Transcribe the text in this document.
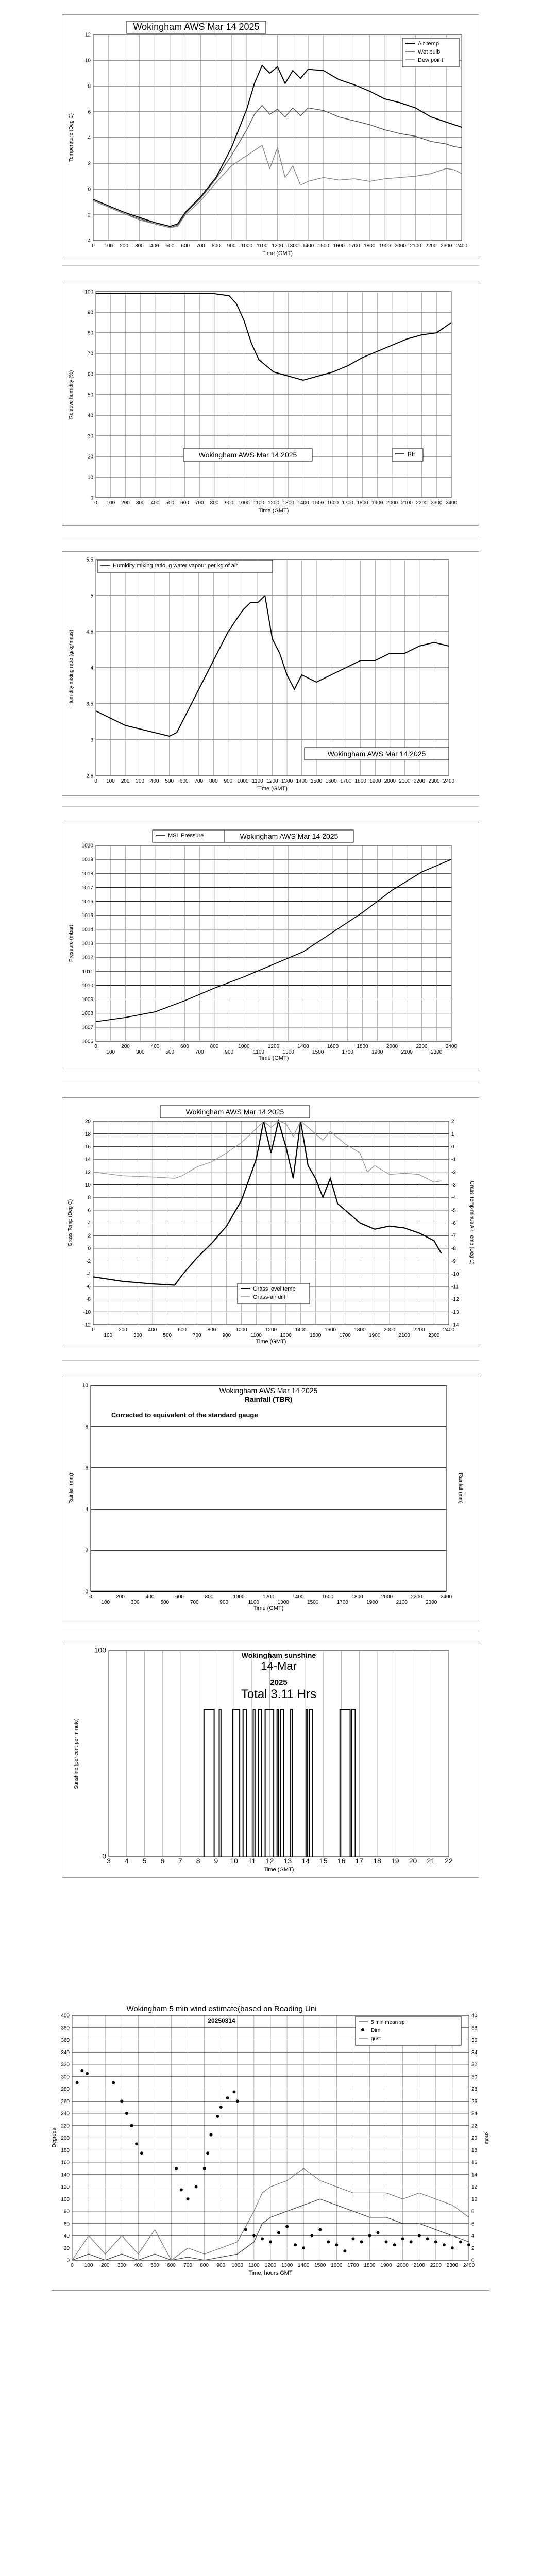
-4
-2
0
2
4
6
8
10
12
0 100 200 300 400 500 600 700 800 900 1000 1100 1200 1300 1400 1500 1600 1700 1800 1900 2000 2100 2200 2300 2400
Time (GMT)
Temperature (Deg C)
Wokingham AWS Mar 14 2025
Air temp
Wet bulb
Dew point
0
10
20
30
40
50
60
70
80
90
100
0 100 200 300 400 500 600 700 800 900 1000 1100 1200 1300 1400 1500 1600 1700 1800 1900 2000 2100 2200 2300 2400
Time (GMT)
Relative humidity (%)
Wokingham AWS Mar 14 2025	RH
2.5
3
3.5
4
4.5
5
5.5
0 100 200 300 400 500 600 700 800 900 1000 1100 1200 1300 1400 1500 1600 1700 1800 1900 2000 2100 2200 2300 2400
Time (GMT)
Humidity mixing ratio (g/kg/mass)
Humidity mixing ratio, g water vapour per kg of air
Wokingham AWS Mar 14 2025
1006
1007
1008
1009
1010
1011
1012
1013
1014
1015
1016
1017
1018
1019
1020
0
100
200
300
400
500
600
700
800
900
1000
1100
1200
1300
1400
1500
1600
1700
1800
1900
2000
2100
2200
2300
2400
Time (GMT)
Pressure (mbar)
MSL Pressure	Wokingham AWS Mar 14 2025
-12
-10
-8
-6
-4
-2
0
2
4
6
8
10
12
14
16
18
20
-14
-13
-12
-11
-10
-9
-8
-7
-6
-5
-4
-3
-2
-1
0
1
2
0
100
200
300
400
500
600
700
800
900
1000
1100
1200
1300
1400
1500
1600
1700
1800
1900
2000
2100
2200
2300
2400
Time (GMT)
Grass Temp (Deg C)	Grass Temp minus Air Temp (Deg C)
Wokingham AWS Mar 14 2025
Grass level temp
Grass-air diff
0
2
4
6
8
10
0
100
200
300
400
500
600
700
800
900
1000
1100
1200
1300
1400
1500
1600
1700
1800
1900
2000
2100
2200
2300
2400
Time (GMT)
Rainfall (mm)	Rainfall (mm)
Wokingham AWS Mar 14 2025
Rainfall (TBR)
Corrected to equivalent of the standard gauge
0
100
3 4 5 6 7 8 9 10 11 12 13 14 15 16 17 18 19 20 21 22
Time (GMT)
Sunshine (per cent per minute)
Wokingham sunshine
14-Mar
2025
Total 3.11 Hrs
0
20
40
60
80
100
120
140
160
180
200
220
240
260
280
300
320
340
360
380
400
0
2
4
6
8
10
12
14
16
18
20
22
24
26
28
30
32
34
36
38
40
0 100 200 300 400 500 600 700 800 900 1000 1100 1200 1300 1400 1500 1600 1700 1800 1900 2000 2100 2200 2300 2400
Time, hours GMT
Degrees	knots
Wokingham 5 min wind estimate(based on Reading Uni
20250314	5 min mean sp
Dirn
gust
